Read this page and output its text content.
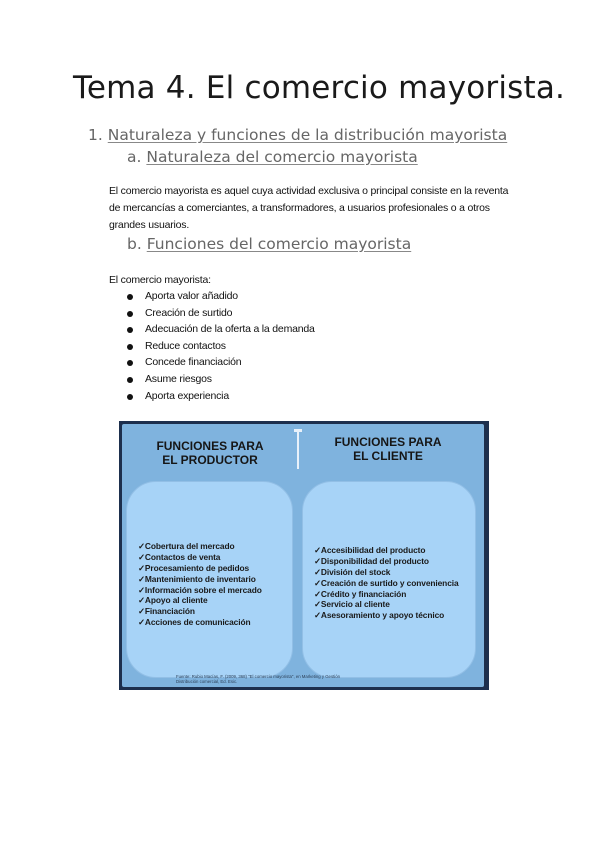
Tema 4. El comercio mayorista.
1. Naturaleza y funciones de la distribución mayorista
a. Naturaleza del comercio mayorista

El comercio mayorista es aquel cuya actividad exclusiva o principal consiste en la reventa de mercancías a comerciantes, a transformadores, a usuarios profesionales o a otros grandes usuarios.

b. Funciones del comercio mayorista

El comercio mayorista:

Aporta valor añadido
Creación de surtido
Adecuación de la oferta a la demanda
Reduce contactos
Concede financiación
Asume riesgos
Aporta experiencia
FUNCIONES PARA
EL PRODUCTOR
✓Cobertura del mercado
✓Contactos de venta
✓Procesamiento de pedidos
✓Mantenimiento de inventario
✓Información sobre el mercado
✓Apoyo al cliente
✓Financiación
✓Acciones de comunicación
FUNCIONES PARA
EL CLIENTE
✓Accesibilidad del producto
✓Disponibilidad del producto
✓División del stock
✓Creación de surtido y conveniencia
✓Crédito y financiación
✓Servicio al cliente
✓Asesoramiento y apoyo técnico
Fuente: Rubio Macías, F. (2009, 368) "El comercio mayorista", en Marketing y Gestión
Distribución comercial, Ed. Esic.
